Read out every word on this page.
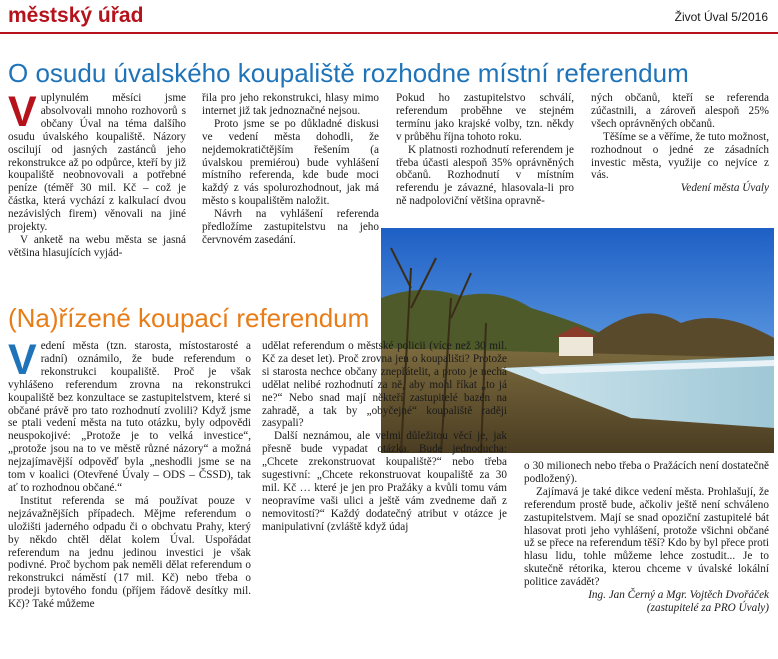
městský úřad	Život Úval 5/2016
O osudu úvalského koupaliště rozhodne místní referendum

Vuplynulém měsíci jsme absolvovali mnoho rozhovorů s občany Úval na téma dalšího osudu úvalského koupaliště. Názory oscilují od jasných zastánců jeho rekonstrukce až po odpůrce, kteří by již koupaliště neobnovovali a potřebné peníze (téměř 30 mil. Kč – což je částka, která vychází z kalkulací dvou nezávislých firem) věnovali na jiné projekty.

V anketě na webu města se jasná většina hlasujících vyjád-

řila pro jeho rekonstrukci, hlasy mimo internet již tak jednoznačné nejsou.

Proto jsme se po důkladné diskusi ve vedení města dohodli, že nejdemokratičtějším řešením (a úvalskou premiérou) bude vyhlášení místního referenda, kde bude moci každý z vás spolurozhodnout, jak má město s koupalištěm naložit.

Návrh na vyhlášení referenda předložíme zastupitelstvu na jeho červnovém zasedání.

Pokud ho zastupitelstvo schválí, referendum proběhne ve stejném termínu jako krajské volby, tzn. někdy v průběhu října tohoto roku.

K platnosti rozhodnutí referendem je třeba účasti alespoň 35% oprávněných občanů. Rozhodnutí v místním referendu je závazné, hlasovala-li pro ně nadpoloviční většina opravně-

ných občanů, kteří se referenda zúčastnili, a zároveň alespoň 25% všech oprávněných občanů.

Těšíme se a věříme, že tuto možnost, rozhodnout o jedné ze zásadních investic města, využije co nejvíce z vás.

Vedení města Úvaly

(Na)řízené koupací referendum

Vedení města (tzn. starosta, místostarosté a radní) oznámilo, že bude referendum o rekonstrukci koupaliště. Proč je však vyhlášeno referendum zrovna na rekonstrukci koupaliště bez konzultace se zastupitelstvem, které si občané právě pro tato rozhodnutí zvolili? Když jsme se ptali vedení města na tuto otázku, byly odpovědi neuspokojivé: „Protože je to velká investice“, „protože jsou na to ve městě různé názory“ a možná nejzajímavější odpověď byla „neshodli jsme se na tom v koalici (Otevřené Úvaly – ODS – ČSSD), tak ať to rozhodnou občané.“

Institut referenda se má používat pouze v nejzávažnějších případech. Mějme referendum o uložišti jaderného odpadu či o obchvatu Prahy, který by někdo chtěl dělat kolem Úval. Uspořádat referendum na jednu jedinou investici je však podivné. Proč bychom pak neměli dělat referendum o rekonstrukci náměstí (17 mil. Kč) nebo třeba o prodeji bytového fondu (příjem řádově desítky mil. Kč)? Také můžeme

udělat referendum o městské policii (více než 30 mil. Kč za deset let). Proč zrovna jen o koupališti? Protože si starosta nechce občany znepřátelit, a proto je nechá udělat nelibé rozhodnutí za ně, aby mohl říkat „to já ne?“ Nebo snad mají někteří zastupitelé bazén na zahradě, a tak by „obyčejné“ koupaliště raději zasypali?

Další neznámou, ale velmi důležitou věcí je, jak přesně bude vypadat otázka. Bude jednoducha: „Chcete zrekonstruovat koupaliště?“ nebo třeba sugestivní: „Chcete rekonstruovat koupaliště za 30 mil. Kč … které je jen pro Pražáky a kvůli tomu vám neopravíme vaši ulici a ještě vám zvedneme daň z nemovitostí?“ Každý dodatečný atribut v otázce je manipulativní (zvláště když údaj

o 30 milionech nebo třeba o Pražácích není dostatečně podložený).

Zajímavá je také dikce vedení města. Prohlašují, že referendum prostě bude, ačkoliv ještě není schváleno zastupitelstvem. Mají se snad opoziční zastupitelé bát hlasovat proti jeho vyhlášení, protože všichni občané už se přece na referendum těší? Kdo by byl přece proti hlasu lidu, tohle můžeme lehce zostudit... Je to skutečně rétorika, kterou chceme v úvalské lokální politice zavádět?

Ing. Jan Černý a Mgr. Vojtěch Dvořáček

(zastupitelé za PRO Úvaly)
